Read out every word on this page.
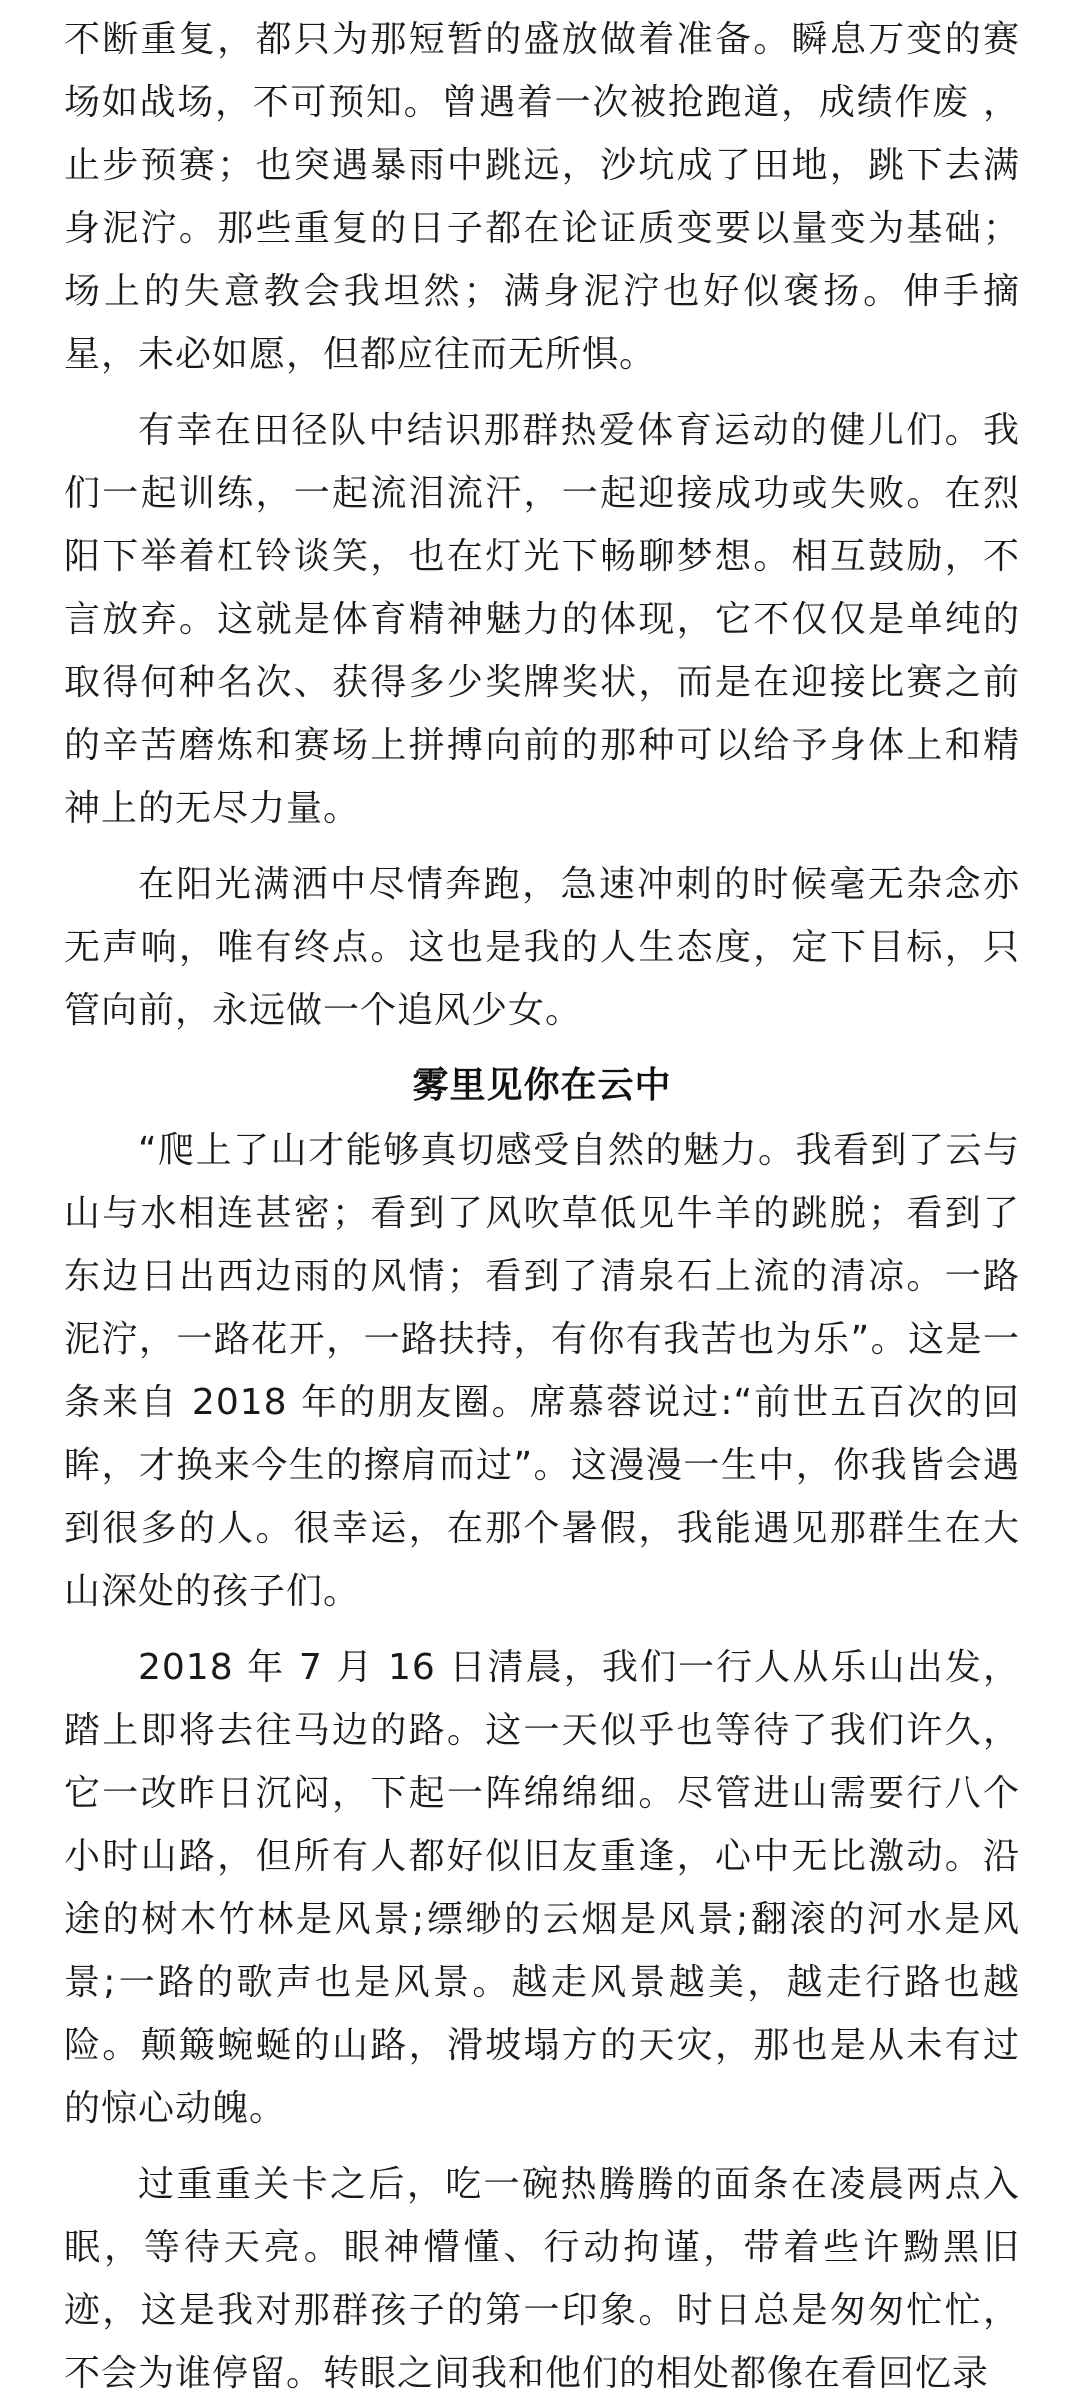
不断重复，都只为那短暂的盛放做着准备。瞬息万变的赛场如战场，不可预知。曾遇着一次被抢跑道，成绩作废 ，止步预赛；也突遇暴雨中跳远，沙坑成了田地，跳下去满身泥泞。那些重复的日子都在论证质变要以量变为基础；场上的失意教会我坦然；满身泥泞也好似褒扬。伸手摘星，未必如愿，但都应往而无所惧。

有幸在田径队中结识那群热爱体育运动的健儿们。我们一起训练，一起流泪流汗，一起迎接成功或失败。在烈阳下举着杠铃谈笑，也在灯光下畅聊梦想。相互鼓励，不言放弃。这就是体育精神魅力的体现，它不仅仅是单纯的取得何种名次、获得多少奖牌奖状，而是在迎接比赛之前的辛苦磨炼和赛场上拼搏向前的那种可以给予身体上和精神上的无尽力量。

在阳光满洒中尽情奔跑，急速冲刺的时候毫无杂念亦无声响，唯有终点。这也是我的人生态度，定下目标，只管向前，永远做一个追风少女。

雾里见你在云中

“爬上了山才能够真切感受自然的魅力。我看到了云与山与水相连甚密；看到了风吹草低见牛羊的跳脱；看到了东边日出西边雨的风情；看到了清泉石上流的清凉。一路泥泞，一路花开，一路扶持，有你有我苦也为乐”。这是一条来自 2018 年的朋友圈。席慕蓉说过:“前世五百次的回眸，才换来今生的擦肩而过”。这漫漫一生中，你我皆会遇到很多的人。很幸运，在那个暑假，我能遇见那群生在大山深处的孩子们。

2018 年 7 月 16 日清晨，我们一行人从乐山出发，踏上即将去往马边的路。这一天似乎也等待了我们许久，它一改昨日沉闷，下起一阵绵绵细。尽管进山需要行八个小时山路，但所有人都好似旧友重逢，心中无比激动。沿途的树木竹林是风景;缥缈的云烟是风景;翻滚的河水是风景;一路的歌声也是风景。越走风景越美，越走行路也越险。颠簸蜿蜒的山路，滑坡塌方的天灾，那也是从未有过的惊心动魄。

过重重关卡之后，吃一碗热腾腾的面条在凌晨两点入眠，等待天亮。眼神懵懂、行动拘谨，带着些许黝黑旧迹，这是我对那群孩子的第一印象。时日总是匆匆忙忙，不会为谁停留。转眼之间我和他们的相处都像在看回忆录
